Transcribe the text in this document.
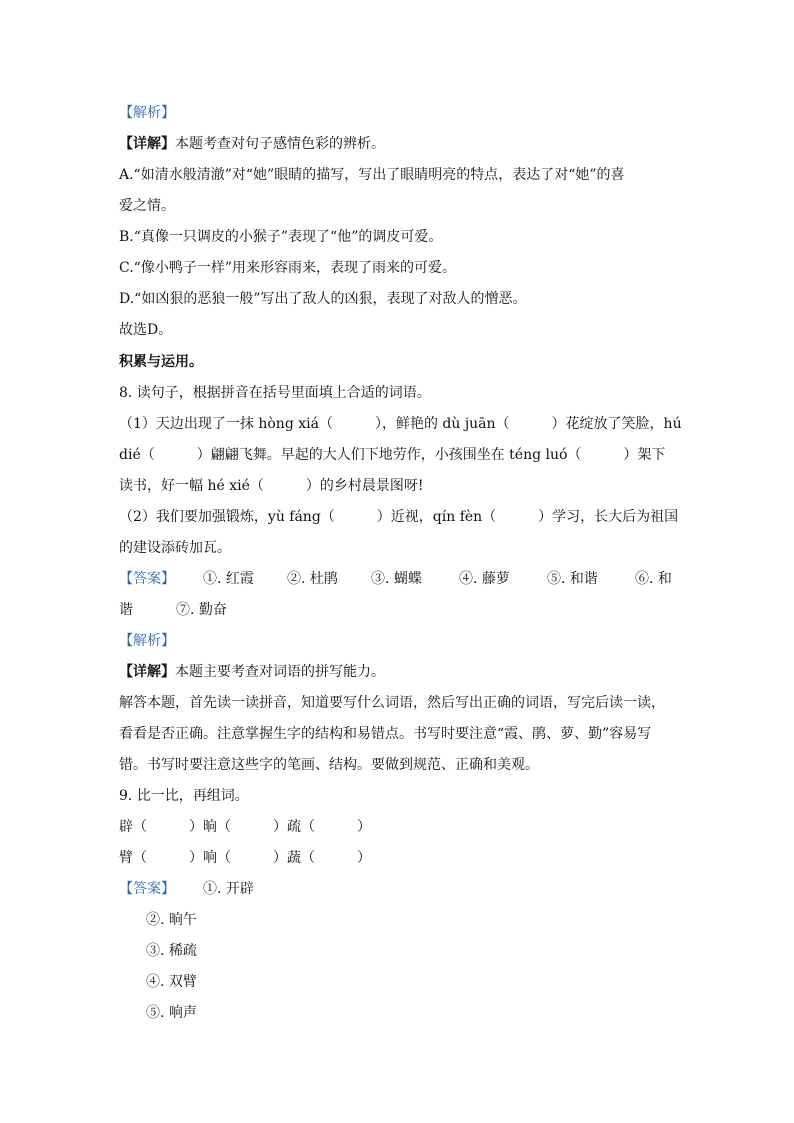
【解析】
【详解】本题考查对句子感情色彩的辨析。
A.“如清水般清澈”对“她”眼睛的描写，写出了眼睛明亮的特点，表达了对“她”的喜
爱之情。
B.“真像一只调皮的小猴子”表现了“他”的调皮可爱。
C.“像小鸭子一样”用来形容雨来，表现了雨来的可爱。
D.“如凶狠的恶狼一般”写出了敌人的凶狠，表现了对敌人的憎恶。
故选D。
积累与运用。
8. 读句子，根据拼音在括号里面填上合适的词语。
（1）天边出现了一抹 hòng xiá（　　　），鲜艳的 dù juān（　　　）花绽放了笑脸，hú
dié（　　　）翩翩飞舞。早起的大人们下地劳作，小孩围坐在 téng luó（　　　）架下
读书，好一幅 hé xié（　　　）的乡村晨景图呀!
（2）我们要加强锻炼，yù fáng（　　　）近视，qín fèn（　　　）学习，长大后为祖国
的建设添砖加瓦。
【答案】 ①. 红霞 ②. 杜鹃 ③. 蝴蝶	④. 藤萝	⑤. 和谐	⑥. 和
谐	⑦. 勤奋
【解析】
【详解】本题主要考查对词语的拼写能力。
解答本题，首先读一读拼音，知道要写什么词语，然后写出正确的词语，写完后读一读，
看看是否正确。注意掌握生字的结构和易错点。书写时要注意“霞、鹃、萝、勤”容易写
错。书写时要注意这些字的笔画、结构。要做到规范、正确和美观。
9. 比一比，再组词。
辟（　　　）晌（　　　）疏（　　　）
臂（　　　）响（　　　）蔬（　　　）
【答案】 ①. 开辟
②. 晌午
③. 稀疏
④. 双臂
⑤. 响声
